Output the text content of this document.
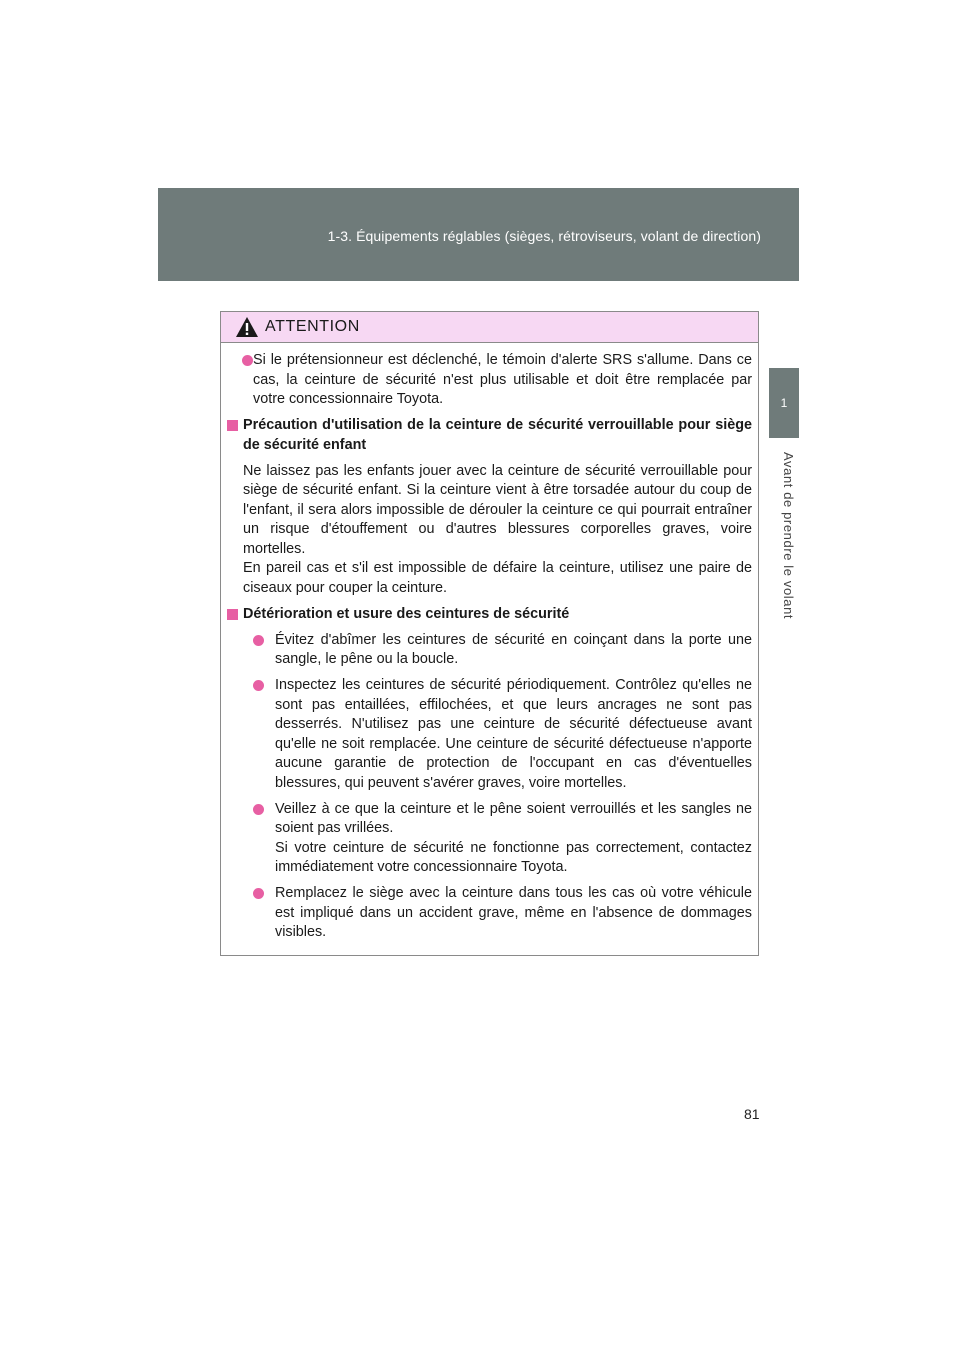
1-3. Équipements réglables (sièges, rétroviseurs, volant de direction)
1
Avant de prendre le volant
ATTENTION
Si le prétensionneur est déclenché, le témoin d'alerte SRS s'allume. Dans ce cas, la ceinture de sécurité n'est plus utilisable et doit être remplacée par votre concessionnaire Toyota.
Précaution d'utilisation de la ceinture de sécurité verrouillable pour siège de sécurité enfant
Ne laissez pas les enfants jouer avec la ceinture de sécurité verrouillable pour siège de sécurité enfant. Si la ceinture vient à être torsadée autour du coup de l'enfant, il sera alors impossible de dérouler la ceinture ce qui pourrait entraîner un risque d'étouffement ou d'autres blessures corporelles graves, voire mortelles.
En pareil cas et s'il est impossible de défaire la ceinture, utilisez une paire de ciseaux pour couper la ceinture.
Détérioration et usure des ceintures de sécurité
Évitez d'abîmer les ceintures de sécurité en coinçant dans la porte une sangle, le pêne ou la boucle.
Inspectez les ceintures de sécurité périodiquement. Contrôlez qu'elles ne sont pas entaillées, effilochées, et que leurs ancrages ne sont pas desserrés. N'utilisez pas une ceinture de sécurité défectueuse avant qu'elle ne soit remplacée. Une ceinture de sécurité défectueuse n'apporte aucune garantie de protection de l'occupant en cas d'éventuelles blessures, qui peuvent s'avérer graves, voire mortelles.
Veillez à ce que la ceinture et le pêne soient verrouillés et les sangles ne soient pas vrillées.
Si votre ceinture de sécurité ne fonctionne pas correctement, contactez immédiatement votre concessionnaire Toyota.
Remplacez le siège avec la ceinture dans tous les cas où votre véhicule est impliqué dans un accident grave, même en l'absence de dommages visibles.
81
